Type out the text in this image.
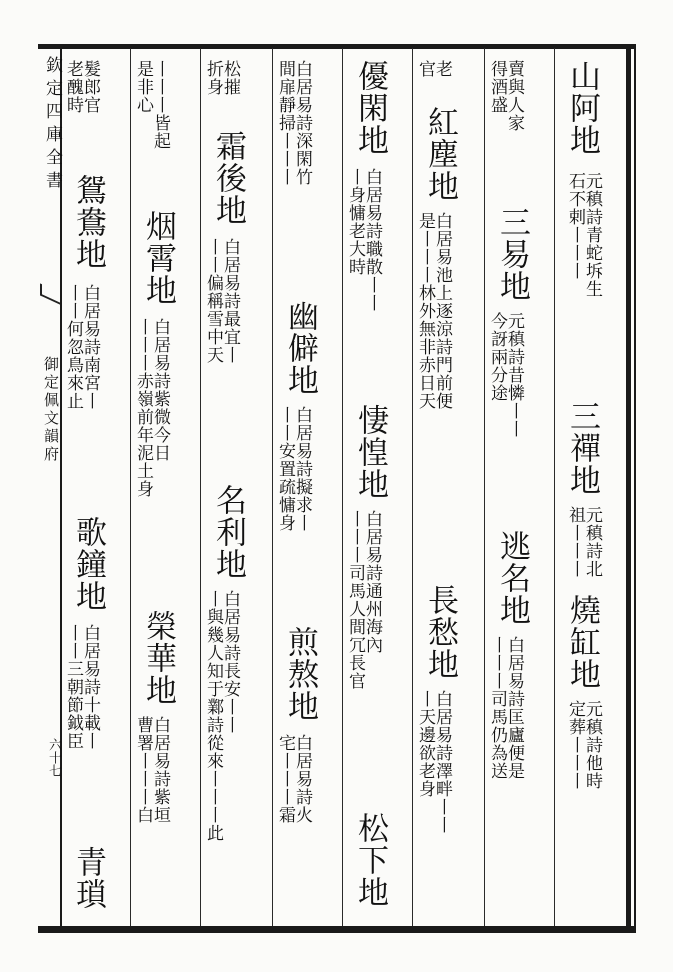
欽定四庫全書
御定佩文韻府
六十七
山阿地
元稹詩青蛇坼生
石不剌丨丨丨
三禪地
元稹詩北
祖丨丨丨
燒缸地
元稹詩他時
定葬丨丨丨
賣與人家
得酒盛
三易地
元稹詩昔憐丨丨
今訝兩分途
逃名地
白居易詩匡廬便是
丨丨丨司馬仍為送
老
官
紅塵地
白居易池上逐涼詩門前便
是丨丨丨林外無非赤日天
長愁地
白居易詩澤畔丨丨
丨天邊欲老身
優閑地
白居易詩職散丨丨
丨身慵老大時
悽惶地
白居易詩通州海內
丨丨丨司馬人間冗長官
松下地
白居易詩深閑竹
間扉靜掃丨丨丨
幽僻地
白居易詩擬求丨
丨丨安置疏慵身
煎熬地
白居易詩火
宅丨丨丨霜
松摧
折身
霜後地
白居易詩最宜丨
丨丨偏稱雪中天
名利地
白居易詩長安丨丨
丨與幾人知于鄴詩從來丨丨丨此
丨丨丨皆起
是非心
烟霄地
白居易詩紫微今日
丨丨丨赤嶺前年泥土身
榮華地
白居易詩紫垣
曹署丨丨丨白
髮郎官
老醜時
鴛鴦地
白居易詩南宮丨
丨丨何忽鳥來止
歌鐘地
白居易詩十載丨
丨丨三朝節鉞臣
青瑣
